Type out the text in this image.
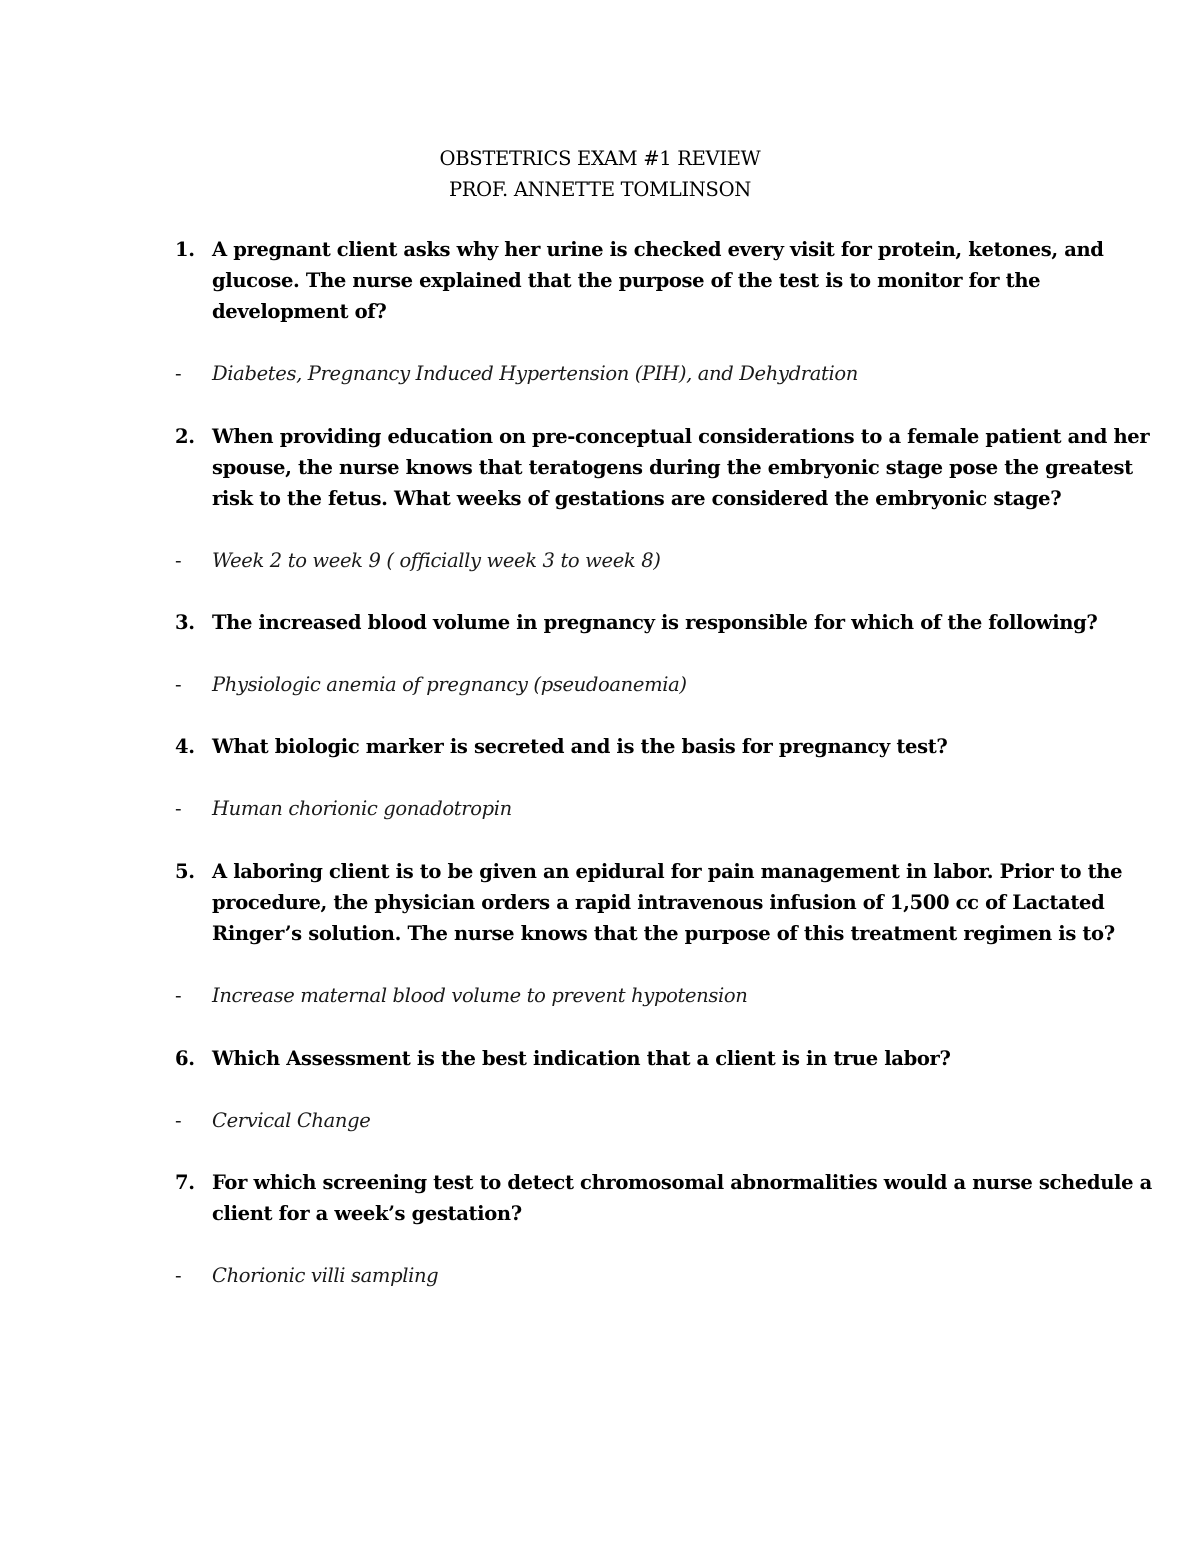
OBSTETRICS EXAM #1 REVIEW
PROF. ANNETTE TOMLINSON
1. A pregnant client asks why her urine is checked every visit for protein, ketones, and glucose. The nurse explained that the purpose of the test is to monitor for the development of?
- Diabetes, Pregnancy Induced Hypertension (PIH), and Dehydration
2. When providing education on pre-conceptual considerations to a female patient and her spouse, the nurse knows that teratogens during the embryonic stage pose the greatest risk to the fetus. What weeks of gestations are considered the embryonic stage?
- Week 2 to week 9 ( officially week 3 to week 8)
3. The increased blood volume in pregnancy is responsible for which of the following?
- Physiologic anemia of pregnancy (pseudoanemia)
4. What biologic marker is secreted and is the basis for pregnancy test?
- Human chorionic gonadotropin
5. A laboring client is to be given an epidural for pain management in labor. Prior to the procedure, the physician orders a rapid intravenous infusion of 1,500 cc of Lactated Ringer’s solution. The nurse knows that the purpose of this treatment regimen is to?
- Increase maternal blood volume to prevent hypotension
6. Which Assessment is the best indication that a client is in true labor?
- Cervical Change
7. For which screening test to detect chromosomal abnormalities would a nurse schedule a client for a week’s gestation?
- Chorionic villi sampling
